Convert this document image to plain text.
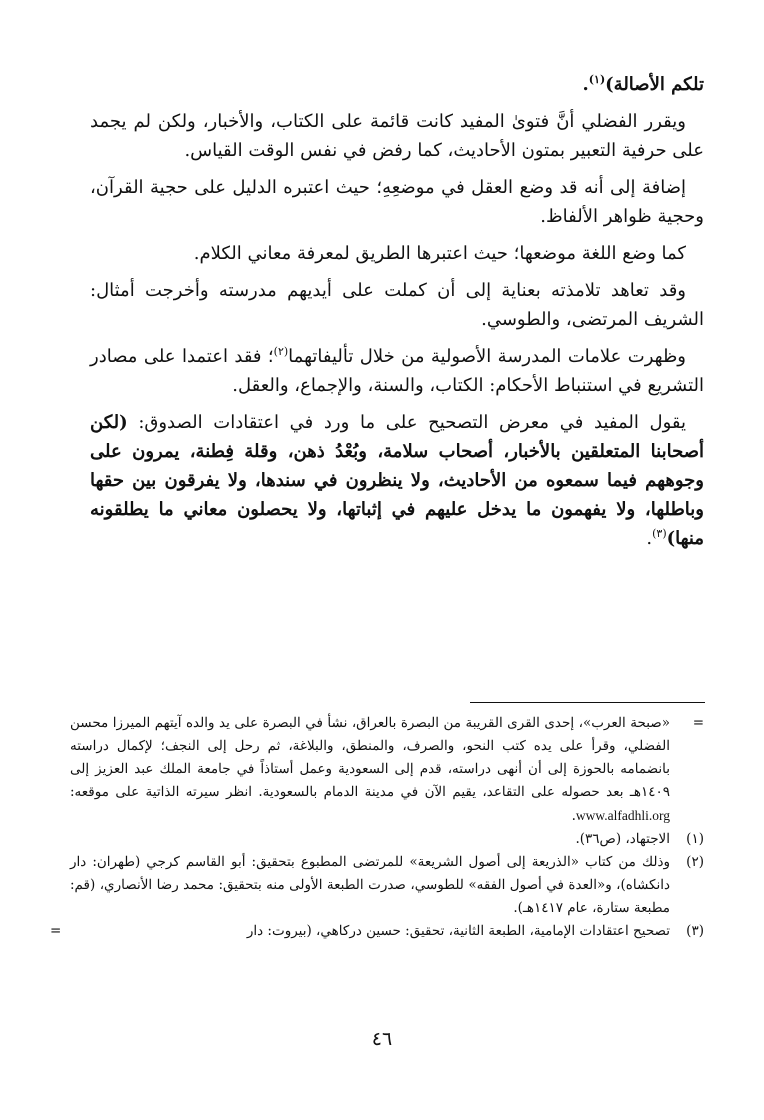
تلكم الأصالة)$^{(١)}$.

ويقرر الفضلي أنَّ فتوىٰ المفيد كانت قائمة على الكتاب، والأخبار، ولكن لم يجمد على حرفية التعبير بمتون الأحاديث، كما رفض في نفس الوقت القياس.

إضافة إلى أنه قد وضع العقل في موضعِهِ؛ حيث اعتبره الدليل على حجية القرآن، وحجية ظواهر الألفاظ.

كما وضع اللغة موضعها؛ حيث اعتبرها الطريق لمعرفة معاني الكلام.

وقد تعاهد تلامذته بعناية إلى أن كملت على أيديهم مدرسته وأخرجت أمثال: الشريف المرتضى، والطوسي.

وظهرت علامات المدرسة الأصولية من خلال تأليفاتهما$^{(٢)}$؛ فقد اعتمدا على مصادر التشريع في استنباط الأحكام: الكتاب، والسنة، والإجماع، والعقل.

يقول المفيد في معرض التصحيح على ما ورد في اعتقادات الصدوق: (لكن أصحابنا المتعلقين بالأخبار، أصحاب سلامة، وبُعْدُ ذهن، وقلة فِطنة، يمرون على وجوههم فيما سمعوه من الأحاديث، ولا ينظرون في سندها، ولا يفرقون بين حقها وباطلها، ولا يفهمون ما يدخل عليهم في إثباتها، ولا يحصلون معاني ما يطلقونه منها)$^{(٣)}$.

=
«صبحة العرب»، إحدى القرى القريبة من البصرة بالعراق، نشأ في البصرة على يد والده آيتهم الميرزا محسن الفضلي، وقرأ على يده كتب النحو، والصرف، والمنطق، والبلاغة، ثم رحل إلى النجف؛ لإكمال دراسته بانضمامه بالحوزة إلى أن أنهى دراسته، قدم إلى السعودية وعمل أستاذاً في جامعة الملك عبد العزيز إلى ١٤٠٩هـ بعد حصوله على التقاعد، يقيم الآن في مدينة الدمام بالسعودية. انظر سيرته الذاتية على موقعه: www.alfadhli.org.

(١)
الاجتهاد، (ص٣٦).

(٢)
وذلك من كتاب «الذريعة إلى أصول الشريعة» للمرتضى المطبوع بتحقيق: أبو القاسم كرجي (طهران: دار دانكشاه)، و«العدة في أصول الفقه» للطوسي، صدرت الطبعة الأولى منه بتحقيق: محمد رضا الأنصاري، (قم: مطبعة ستارة، عام ١٤١٧هـ).

(٣)
تصحيح اعتقادات الإمامية، الطبعة الثانية، تحقيق: حسين دركاهي، (بيروت: دار
=

٤٦
